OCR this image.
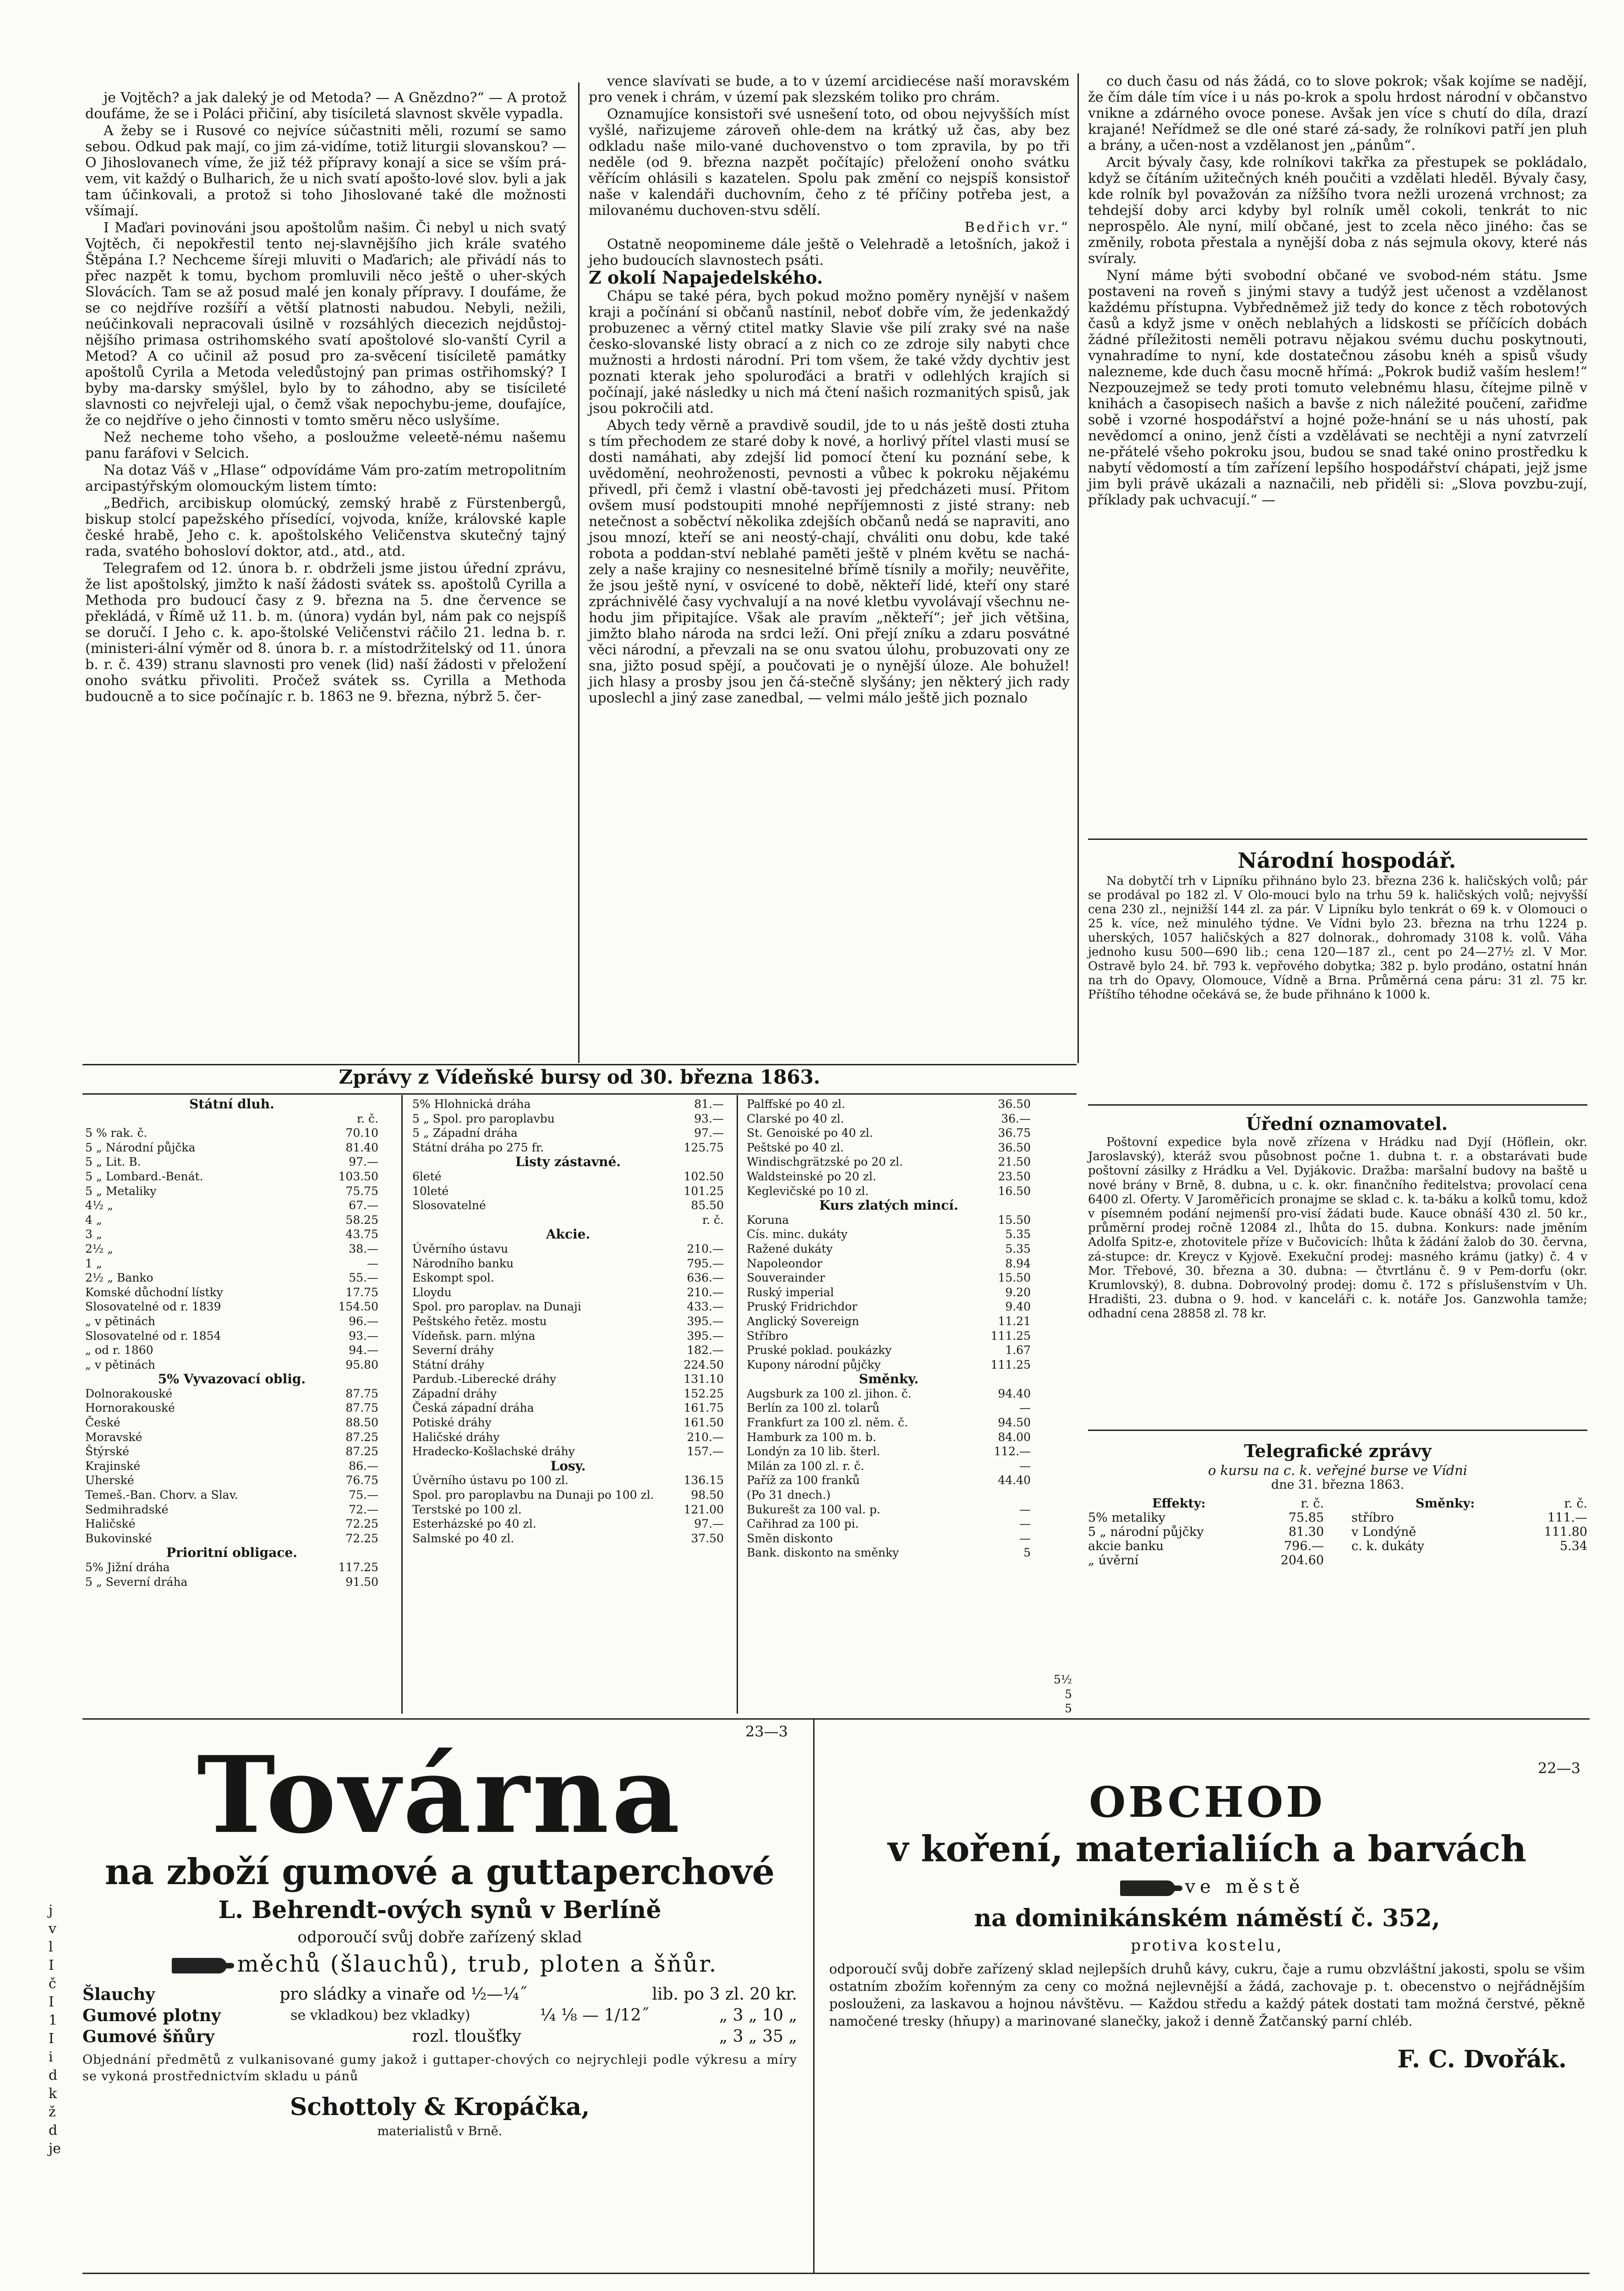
je Vojtěch? a jak daleký je od Metoda? — A Gnězdno?“ — A protož doufáme, že se i Poláci přičiní, aby tisíciletá slavnost skvěle vypadla.

A žeby se i Rusové co nejvíce súčastniti měli, rozumí se samo sebou. Odkud pak mají, co jim zá-vidíme, totiž liturgii slovanskou? — O Jihoslovanech víme, že již též přípravy konají a sice se vším prá-vem, vit každý o Bulharich, že u nich svatí apošto-lové slov. byli a jak tam účinkovali, a protož si toho Jihoslované také dle možnosti všímají.

I Maďari povinováni jsou apoštolům našim. Či nebyl u nich svatý Vojtěch, či nepokřestil tento nej-slavnějšího jich krále svatého Štěpána I.? Nechceme šíreji mluviti o Maďarich; ale přivádí nás to přec nazpět k tomu, bychom promluvili něco ještě o uher-ských Slovácích. Tam se až posud malé jen konaly přípravy. I doufáme, že se co nejdříve rozšíří a větší platnosti nabudou. Nebyli, nežili, neúčinkovali nepracovali úsilně v rozsáhlých diecezich nejdůstoj-nějšího primasa ostrihomského svatí apoštolové slo-vanští Cyril a Metod? A co učinil až posud pro za-svěcení tisíciletě památky apoštolů Cyrila a Metoda veledůstojný pan primas ostřihomský? I byby ma-darsky smýšlel, bylo by to záhodno, aby se tisícileté slavnosti co nejvřeleji ujal, o čemž však nepochybu-jeme, doufajíce, že co nejdříve o jeho činnosti v tomto směru něco uslyšíme.

Než necheme toho všeho, a posloužme veleetě-nému našemu panu faráfovi v Selcich.

Na dotaz Váš v „Hlase“ odpovídáme Vám pro-zatím metropolitním arcipastýřským olomouckým listem tímto:

„Bedřich, arcibiskup olomúcký, zemský hrabě z Fürstenbergů, biskup stolcí papežského přísedící, vojvoda, kníže, královské kaple české hrabě, Jeho c. k. apoštolského Veličenstva skutečný tajný rada, svatého bohosloví doktor, atd., atd., atd.

Telegrafem od 12. února b. r. obdrželi jsme jistou úřední zprávu, že list apoštolský, jimžto k naší žádosti svátek ss. apoštolů Cyrilla a Methoda pro budoucí časy z 9. března na 5. dne července se překládá, v Římě už 11. b. m. (února) vydán byl, nám pak co nejspíš se doručí. I Jeho c. k. apo-štolské Veličenstvi ráčilo 21. ledna b. r. (ministeri-ální výměr od 8. února b. r. a místodržitelský od 11. února b. r. č. 439) stranu slavnosti pro venek (lid) naší žádosti v přeložení onoho svátku přivoliti. Pročež svátek ss. Cyrilla a Methoda budoucně a to sice počínajíc r. b. 1863 ne 9. března, nýbrž 5. čer-

vence slavívati se bude, a to v území arcidiecése naší moravském pro venek i chrám, v území pak slezském toliko pro chrám.

Oznamujíce konsistoři své usnešení toto, od obou nejvyšších míst vyšlé, nařizujeme zároveň ohle-dem na krátký už čas, aby bez odkladu naše milo-vané duchovenstvo o tom zpravila, by po tři neděle (od 9. března nazpět počítajíc) přeložení onoho svátku věřícím ohlásili s kazatelen. Spolu pak změní co nejspíš konsistoř naše v kalendáři duchovním, čeho z té příčiny potřeba jest, a milovanému duchoven-stvu sdělí.

Bedřich vr.“

Ostatně neopomineme dále ještě o Velehradě a letošních, jakož i jeho budoucích slavnostech psáti.

Z okolí Napajedelského.

Chápu se také péra, bych pokud možno poměry nynější v našem kraji a počínání si občanů nastínil, neboť dobře vím, že jedenkaždý probuzenec a věrný ctitel matky Slavie vše pilí zraky své na naše česko-slovanské listy obrací a z nich co ze zdroje sily nabyti chce mužnosti a hrdosti národní. Pri tom všem, že také vždy dychtiv jest poznati kterak jeho spoluroďáci a bratři v odlehlých krajích si počínají, jaké následky u nich má čtení našich rozmanitých spisů, jak jsou pokročili atd.

Abych tedy věrně a pravdivě soudil, jde to u nás ještě dosti ztuha s tím přechodem ze staré doby k nové, a horlivý přítel vlasti musí se dosti namáhati, aby zdejší lid pomocí čtení ku poznání sebe, k uvědomění, neohroženosti, pevnosti a vůbec k pokroku nějakému přivedl, při čemž i vlastní obě-tavosti jej předcházeti musí. Přitom ovšem musí podstoupiti mnohé nepříjemnosti z jisté strany: neb netečnost a soběctví několika zdejších občanů nedá se napraviti, ano jsou mnozí, kteří se ani neostý-chají, chváliti onu dobu, kde také robota a poddan-ství neblahé paměti ještě v plném květu se nachá-zely a naše krajiny co nesnesitelné břímě tísnily a mořily; neuvěřite, že jsou ještě nyní, v osvícené to době, někteří lidé, kteří ony staré zpráchnivělé časy vychvalují a na nové kletbu vyvolávají všechnu ne-hodu jim připitajíce. Však ale pravím „někteří“; jeř jich většina, jimžto blaho národa na srdci leží. Oni přejí zníku a zdaru posvátné věci národní, a převzali na se onu svatou úlohu, probuzovati ony ze sna, jižto posud spějí, a poučovati je o nynější úloze. Ale bohužel! jich hlasy a prosby jsou jen čá-stečně slyšány; jen některý jich rady uposlechl a jiný zase zanedbal, — velmi málo ještě jich poznalo

co duch času od nás žádá, co to slove pokrok; však kojíme se nadějí, že čím dále tím více i u nás po-krok a spolu hrdost národní v občanstvo vnikne a zdárného ovoce ponese. Avšak jen více s chutí do díla, drazí krajané! Neřídmež se dle oné staré zá-sady, že rolníkovi patří jen pluh a brány, a učen-nost a vzdělanost jen „pánům“.

Arcit bývaly časy, kde rolníkovi takřka za přestupek se pokládalo, když se čítáním užitečných knéh poučiti a vzdělati hleděl. Bývaly časy, kde rolník byl považován za nížšího tvora nežli urozená vrchnost; za tehdejší doby arci kdyby byl rolník uměl cokoli, tenkrát to nic neprospělo. Ale nyní, milí občané, jest to zcela něco jiného: čas se změnily, robota přestala a nynější doba z nás sejmula okovy, které nás svíraly.

Nyní máme býti svobodní občané ve svobod-ném státu. Jsme postaveni na roveň s jinými stavy a tudýž jest učenost a vzdělanost každému přístupna. Vybředněmež již tedy do konce z těch robotových časů a když jsme v oněch neblahých a lidskosti se příčících dobách žádné příležitosti neměli potravu nějakou svému duchu poskytnouti, vynahradíme to nyní, kde dostatečnou zásobu knéh a spisů všudy nalezneme, kde duch času mocně hřímá: „Pokrok budiž vaším heslem!“ Nezpouzejmež se tedy proti tomuto velebnému hlasu, čítejme pilně v knihách a časopisech našich a bavše z nich náležité poučení, zařiďme sobě i vzorné hospodářství a hojné pože-hnání se u nás uhostí, pak nevědomcí a onino, jenž čísti a vzdělávati se nechtěji a nyní zatvrzelí ne-přátelé všeho pokroku jsou, budou se snad také onino prostředku k nabytí vědomostí a tím zařízení lepšího hospodářství chápati, jejž jsme jim byli právě ukázali a naznačili, neb přiděli si: „Slova povzbu-zují, příklady pak uchvacují.“ —

Národní hospodář.

Na dobytčí trh v Lipníku přihnáno bylo 23. března 236 k. haličských volů; pár se prodával po 182 zl. V Olo-mouci bylo na trhu 59 k. haličských volů; nejvyšší cena 230 zl., nejnižší 144 zl. za pár. V Lipníku bylo tenkrát o 69 k. v Olomouci o 25 k. více, než minulého týdne. Ve Vídni bylo 23. března na trhu 1224 p. uherských, 1057 haličských a 827 dolnorak., dohromady 3108 k. volů. Váha jednoho kusu 500—690 lib.; cena 120—187 zl., cent po 24—27½ zl. V Mor. Ostravě bylo 24. bř. 793 k. vepřového dobytka; 382 p. bylo prodáno, ostatní hnán na trh do Opavy, Olomouce, Vídně a Brna. Průměrná cena páru: 31 zl. 75 kr. Příštího téhodne očekává se, že bude přihnáno k 1000 k.

Úřední oznamovatel.

Poštovní expedice byla nově zřízena v Hrádku nad Dyjí (Höflein, okr. Jaroslavský), kteráž svou působnost počne 1. dubna t. r. a obstarávati bude poštovní zásilky z Hrádku a Vel. Dyjákovic. Dražba: maršalní budovy na baště u nové brány v Brně, 8. dubna, u c. k. okr. finančního ředitelstva; provolací cena 6400 zl. Oferty. V Jaroměřicích pronajme se sklad c. k. ta-báku a kolků tomu, kdož v písemném podání nejmenší pro-visí žádati bude. Kauce obnáší 430 zl. 50 kr., průměrní prodej ročně 12084 zl., lhůta do 15. dubna. Konkurs: nade jměním Adolfa Spitz-e, zhotovitele příze v Bučovicích: lhůta k žádání žalob do 30. června, zá-stupce: dr. Kreycz v Kyjově. Exekuční prodej: masného krámu (jatky) č. 4 v Mor. Třebové, 30. března a 30. dubna: — čtvrtlánu č. 9 v Pem-dorfu (okr. Krumlovský), 8. dubna. Dobrovolný prodej: domu č. 172 s příslušenstvím v Uh. Hradišti, 23. dubna o 9. hod. v kanceláři c. k. notáře Jos. Ganzwohla tamže; odhadní cena 28858 zl. 78 kr.

Telegrafické zprávy
o kursu na c. k. veřejné burse ve Vídni
dne 31. března 1863.
Effekty:	r. č.
5% metaliky	75.85
5 „ národní půjčky	81.30
akcie banku	796.—
„ úvěrní	204.60
Směnky:	r. č.
stříbro	111.—
v Londýně	111.80
c. k. dukáty	5.34
Zprávy z Vídeňské bursy od 30. března 1863.
Státní dluh.
r. č.
5 % rak. č.	70.10
5 „ Národní půjčka	81.40
5 „ Lit. B.	97.—
5 „ Lombard.-Benát.	103.50
5 „ Metaliky	75.75
4½ „	67.—
4 „	58.25
3 „	43.75
2½ „	38.—
1 „	—
2½ „ Banko	55.—
Komské důchodní lístky	17.75
Slosovatelné od r. 1839	154.50
„ v pětinách	96.—
Slosovatelné od r. 1854	93.—
„ od r. 1860	94.—
„ v pětinách	95.80
5% Vyvazovací oblig.
Dolnorakouské	87.75
Hornorakouské	87.75
České	88.50
Moravské	87.25
Štýrské	87.25
Krajinské	86.—
Uherské	76.75
Temeš.-Ban. Chorv. a Slav.	75.—
Sedmihradské	72.—
Haličské	72.25
Bukovinské	72.25
Prioritní obligace.
5% Jižní dráha	117.25
5 „ Severní dráha	91.50
5% Hlohnická dráha	81.—
5 „ Spol. pro paroplavbu	93.—
5 „ Západní dráha	97.—
Státní dráha po 275 fr.	125.75
Listy zástavné.
6leté	102.50
10leté	101.25
Slosovatelné	85.50
r. č.
Akcie.
Úvěrního ústavu	210.—
Národního banku	795.—
Eskompt spol.	636.—
Lloydu	210.—
Spol. pro paroplav. na Dunaji	433.—
Peštského řetěz. mostu	395.—
Vídeňsk. parn. mlýna	395.—
Severní dráhy	182.—
Státní dráhy	224.50
Pardub.-Liberecké dráhy	131.10
Západní dráhy	152.25
Česká západní dráha	161.75
Potiské dráhy	161.50
Haličské dráhy	210.—
Hradecko-Košlachské dráhy	157.—
Losy.
Úvěrního ústavu po 100 zl.	136.15
Spol. pro paroplavbu na Dunaji po 100 zl.	98.50
Terstské po 100 zl.	121.00
Esterházské po 40 zl.	97.—
Salmské po 40 zl.	37.50
Palffské po 40 zl.	36.50
Clarské po 40 zl.	36.—
St. Genoiské po 40 zl.	36.75
Peštské po 40 zl.	36.50
Windischgrätzské po 20 zl.	21.50
Waldsteinské po 20 zl.	23.50
Keglevičské po 10 zl.	16.50
Kurs zlatých mincí.
Koruna	15.50
Cís. minc. dukáty	5.35
Ražené dukáty	5.35
Napoleondor	8.94
Souverainder	15.50
Ruský imperial	9.20
Pruský Fridrichdor	9.40
Anglický Sovereign	11.21
Stříbro	111.25
Pruské poklad. poukázky	1.67
Kupony národní půjčky	111.25
Směnky.
Augsburk za 100 zl. jihon. č.	94.40
Berlín za 100 zl. tolarů	—
Frankfurt za 100 zl. něm. č.	94.50
Hamburk za 100 m. b.	84.00
Londýn za 10 lib. šterl.	112.—
Milán za 100 zl. r. č.	—
Paříž za 100 franků	44.40
(Po 31 dnech.)
Bukurešt za 100 val. p.	—
Cařihrad za 100 pi.	—
Směn diskonto	—
Bank. diskonto na směnky	5
5½
5
5
23—3
Továrna
na zboží gumové a guttaperchové
L. Behrendt-ových synů v Berlíně
odporoučí svůj dobře zařízený sklad
měchů (šlauchů), trub, ploten a šňůr.
Šlauchy	pro sládky a vinaře od ½—¼˝	lib. po 3 zl. 20 kr.
Gumové plotny	se vkladkou) bez vkladky)	¼ ⅛ — 1/12˝	„ 3 „ 10 „
Gumové šňůry	rozl. tloušťky	„ 3 „ 35 „
Objednání předmětů z vulkanisované gumy jakož i guttaper-chových co nejrychleji podle výkresu a míry se vykoná prostřednictvím skladu u pánů
Schottoly & Kropáčka,
materialistů v Brně.
22—3
OBCHOD
v koření, materialiích a barvách
ve městě
na dominikánském náměstí č. 352,
protiva kostelu,
odporoučí svůj dobře zařízený sklad nejlepších druhů kávy, cukru, čaje a rumu obzvláštní jakosti, spolu se všim ostatním zbožím kořenným za ceny co možná nejlevnější a žádá, zachovaje p. t. obecenstvo o nejřádnějším poslouženi, za laskavou a hojnou návštěvu. — Každou středu a každý pátek dostati tam možná čerstvé, pěkně namočené tresky (hňupy) a marinované slanečky, jakož i denně Žatčanský parní chléb.
F. C. Dvořák.
j
v
l
I
č
I
1
I
i
d
k
ž
d
je
